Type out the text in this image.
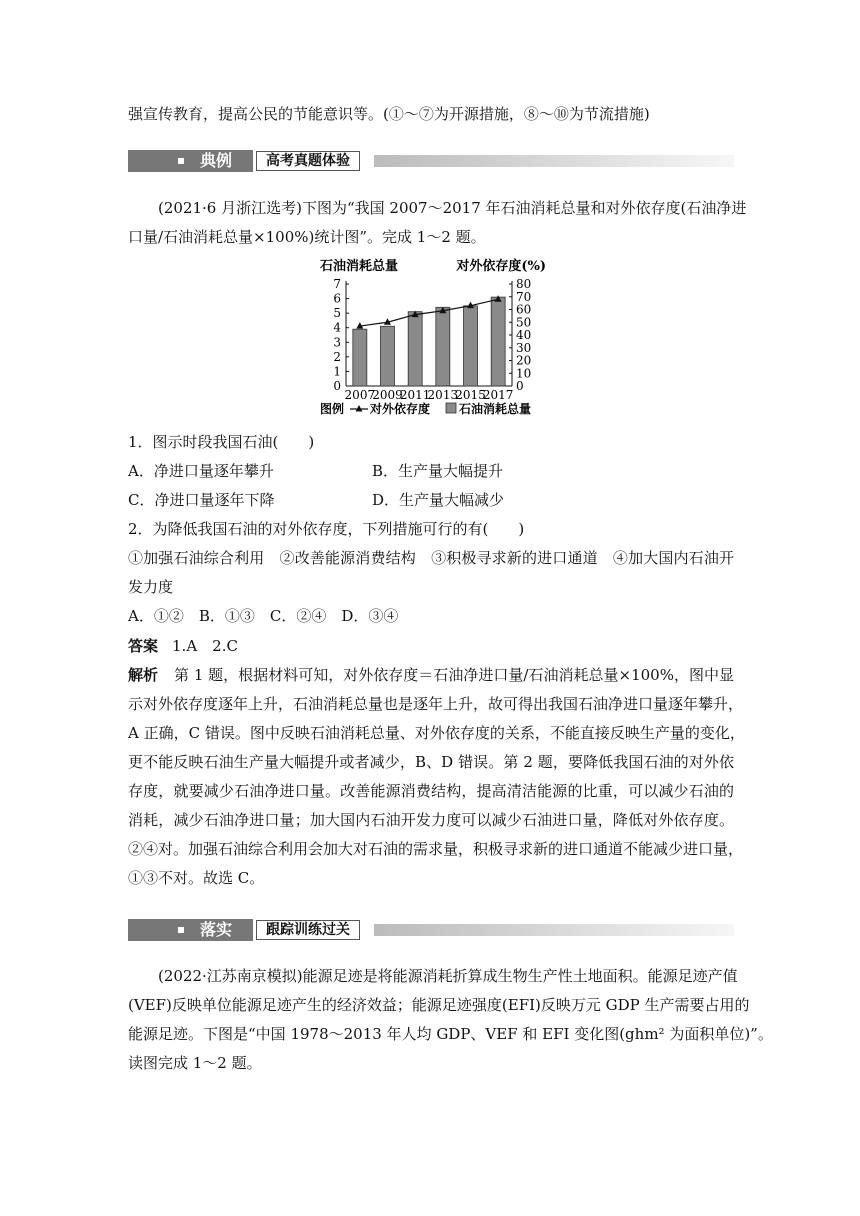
强宣传教育，提高公民的节能意识等。(①～⑦为开源措施，⑧～⑩为节流措施)
典例	高考真题体验
(2021·6 月浙江选考)下图为“我国 2007～2017 年石油消耗总量和对外依存度(石油净进
口量/石油消耗总量×100%)统计图”。完成 1～2 题。
0
1
2
3
4
5
6
7
0
10
20
30
40
50
60
70
80
石油消耗总量	对外依存度(%)
2007
2009
2011
2013
2015
2017
图例 对外依存度 石油消耗总量
1．图示时段我国石油(　　)
A．净进口量逐年攀升	B．生产量大幅提升
C．净进口量逐年下降	D．生产量大幅减少
2．为降低我国石油的对外依存度，下列措施可行的有(　　)
①加强石油综合利用　②改善能源消费结构　③积极寻求新的进口通道　④加大国内石油开
发力度
A．①②　B．①③　C．②④　D．③④
答案 1.A　2.C
解析 第 1 题，根据材料可知，对外依存度＝石油净进口量/石油消耗总量×100%，图中显
示对外依存度逐年上升，石油消耗总量也是逐年上升，故可得出我国石油净进口量逐年攀升，
A 正确，C 错误。图中反映石油消耗总量、对外依存度的关系，不能直接反映生产量的变化，
更不能反映石油生产量大幅提升或者减少，B、D 错误。第 2 题，要降低我国石油的对外依
存度，就要减少石油净进口量。改善能源消费结构，提高清洁能源的比重，可以减少石油的
消耗，减少石油净进口量；加大国内石油开发力度可以减少石油进口量，降低对外依存度。
②④对。加强石油综合利用会加大对石油的需求量，积极寻求新的进口通道不能减少进口量，
①③不对。故选 C。
落实	跟踪训练过关
(2022·江苏南京模拟)能源足迹是将能源消耗折算成生物生产性土地面积。能源足迹产值
(VEF)反映单位能源足迹产生的经济效益；能源足迹强度(EFI)反映万元 GDP 生产需要占用的
能源足迹。下图是“中国 1978～2013 年人均 GDP、VEF 和 EFI 变化图(ghm² 为面积单位)”。
读图完成 1～2 题。
